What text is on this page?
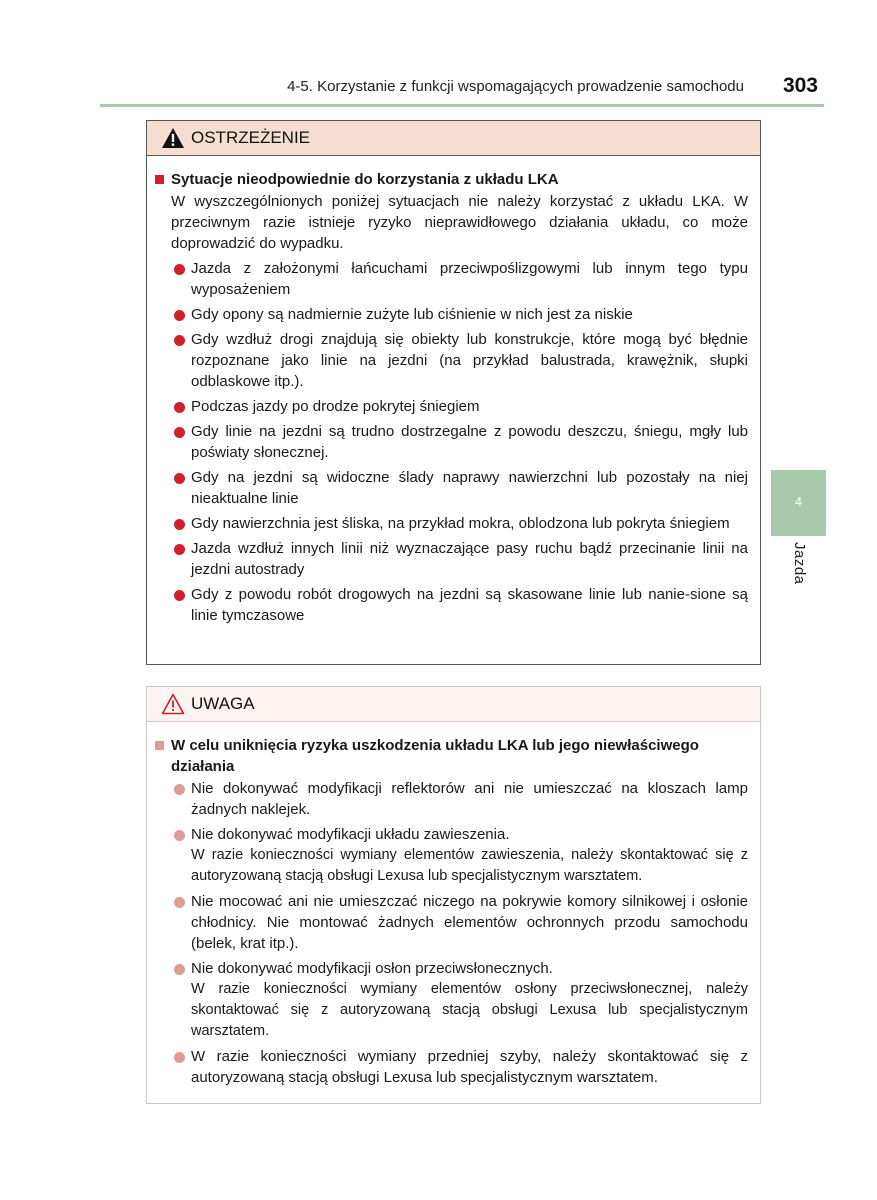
4-5. Korzystanie z funkcji wspomagających prowadzenie samochodu 303
4
Jazda
OSTRZEŻENIE
Sytuacje nieodpowiednie do korzystania z układu LKA
W wyszczególnionych poniżej sytuacjach nie należy korzystać z układu LKA. W przeciwnym razie istnieje ryzyko nieprawidłowego działania układu, co może doprowadzić do wypadku.
Jazda z założonymi łańcuchami przeciwpoślizgowymi lub innym tego typu wyposażeniem
Gdy opony są nadmiernie zużyte lub ciśnienie w nich jest za niskie
Gdy wzdłuż drogi znajdują się obiekty lub konstrukcje, które mogą być błędnie rozpoznane jako linie na jezdni (na przykład balustrada, krawężnik, słupki odblaskowe itp.).
Podczas jazdy po drodze pokrytej śniegiem
Gdy linie na jezdni są trudno dostrzegalne z powodu deszczu, śniegu, mgły lub poświaty słonecznej.
Gdy na jezdni są widoczne ślady naprawy nawierzchni lub pozostały na niej nieaktualne linie
Gdy nawierzchnia jest śliska, na przykład mokra, oblodzona lub pokryta śniegiem
Jazda wzdłuż innych linii niż wyznaczające pasy ruchu bądź przecinanie linii na jezdni autostrady
Gdy z powodu robót drogowych na jezdni są skasowane linie lub nanie-sione są linie tymczasowe
UWAGA
W celu uniknięcia ryzyka uszkodzenia układu LKA lub jego niewłaściwego działania
Nie dokonywać modyfikacji reflektorów ani nie umieszczać na kloszach lamp żadnych naklejek.
Nie dokonywać modyfikacji układu zawieszenia.
W razie konieczności wymiany elementów zawieszenia, należy skontaktować się z autoryzowaną stacją obsługi Lexusa lub specjalistycznym warsztatem.
Nie mocować ani nie umieszczać niczego na pokrywie komory silnikowej i osłonie chłodnicy. Nie montować żadnych elementów ochronnych przodu samochodu (belek, krat itp.).
Nie dokonywać modyfikacji osłon przeciwsłonecznych.
W razie konieczności wymiany elementów osłony przeciwsłonecznej, należy skontaktować się z autoryzowaną stacją obsługi Lexusa lub specjalistycznym warsztatem.
W razie konieczności wymiany przedniej szyby, należy skontaktować się z autoryzowaną stacją obsługi Lexusa lub specjalistycznym warsztatem.
